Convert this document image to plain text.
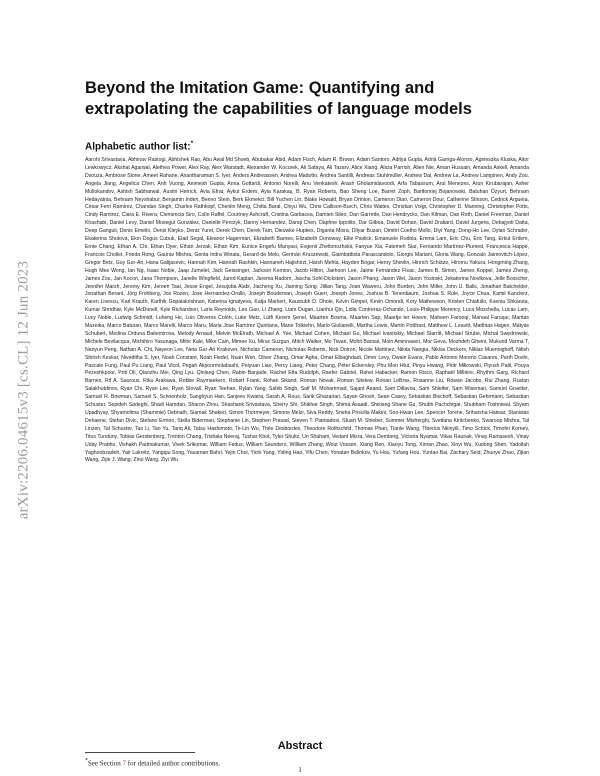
arXiv:2206.04615v3 [cs.CL] 12 Jun 2023
Beyond the Imitation Game: Quantifying and extrapolating the capabilities of language models

Alphabetic author list:*

Aarohi Srivastava, Abhinav Rastogi, Abhishek Rao, Abu Awal Md Shoeb, Abubakar Abid, Adam Fisch, Adam R. Brown, Adam Santoro, Aditya Gupta, Adrià Garriga-Alonso, Agnieszka Kluska, Aitor Lewkowycz, Akshat Agarwal, Alethea Power, Alex Ray, Alex Warstadt, Alexander W. Kocurek, Ali Safaya, Ali Tazarv, Alice Xiang, Alicia Parrish, Allen Nie, Aman Hussain, Amanda Askell, Amanda Dsouza, Ambrose Slone, Ameet Rahane, Anantharaman S. Iyer, Anders Andreassen, Andrea Madotto, Andrea Santilli, Andreas Stuhlmüller, Andrew Dai, Andrew La, Andrew Lampinen, Andy Zou, Angela Jiang, Angelica Chen, Anh Vuong, Animesh Gupta, Anna Gottardi, Antonio Norelli, Anu Venkatesh, Arash Gholamidavoodi, Arfa Tabassum, Arul Menezes, Arun Kirubarajan, Asher Mullokandov, Ashish Sabharwal, Austin Herrick, Avia Efrat, Aykut Erdem, Ayla Karakaş, B. Ryan Roberts, Bao Sheng Loe, Barret Zoph, Bartłomiej Bojanowski, Batuhan Özyurt, Behnam Hedayatnia, Behnam Neyshabur, Benjamin Inden, Benno Stein, Berk Ekmekci, Bill Yuchen Lin, Blake Howald, Bryan Orinion, Cameron Diao, Cameron Dour, Catherine Stinson, Cedrick Argueta, César Ferri Ramírez, Chandan Singh, Charles Rathkopf, Chenlin Meng, Chitta Baral, Chiyu Wu, Chris Callison-Burch, Chris Waites, Christian Voigt, Christopher D. Manning, Christopher Potts, Cindy Ramirez, Clara E. Rivera, Clemencia Siro, Colin Raffel, Courtney Ashcraft, Cristina Garbacea, Damien Sileo, Dan Garrette, Dan Hendrycks, Dan Kilman, Dan Roth, Daniel Freeman, Daniel Khashabi, Daniel Levy, Daniel Moseguí González, Danielle Perszyk, Danny Hernandez, Danqi Chen, Daphne Ippolito, Dar Gilboa, David Dohan, David Drakard, David Jurgens, Debajyoti Datta, Deep Ganguli, Denis Emelin, Denis Kleyko, Deniz Yuret, Derek Chen, Derek Tam, Dieuwke Hupkes, Diganta Misra, Dilyar Buzan, Dimitri Coelho Mollo, Diyi Yang, Dong-Ho Lee, Dylan Schrader, Ekaterina Shutova, Ekin Dogus Cubuk, Elad Segal, Eleanor Hagerman, Elizabeth Barnes, Elizabeth Donoway, Ellie Pavlick, Emanuele Rodola, Emma Lam, Eric Chu, Eric Tang, Erkut Erdem, Ernie Chang, Ethan A. Chi, Ethan Dyer, Ethan Jerzak, Ethan Kim, Eunice Engefu Manyasi, Evgenii Zheltonozhskii, Fanyue Xia, Fatemeh Siar, Fernando Martínez-Plumed, Francesca Happé, Francois Chollet, Frieda Rong, Gaurav Mishra, Genta Indra Winata, Gerard de Melo, Germán Kruszewski, Giambattista Parascandolo, Giorgio Mariani, Gloria Wang, Gonzalo Jaimovitch-López, Gregor Betz, Guy Gur-Ari, Hana Galijasevic, Hannah Kim, Hannah Rashkin, Hannaneh Hajishirzi, Harsh Mehta, Hayden Bogar, Henry Shevlin, Hinrich Schütze, Hiromu Yakura, Hongming Zhang, Hugh Mee Wong, Ian Ng, Isaac Noble, Jaap Jumelet, Jack Geissinger, Jackson Kernion, Jacob Hilton, Jaehoon Lee, Jaime Fernández Fisac, James B. Simon, James Koppel, James Zheng, James Zou, Jan Kocoń, Jana Thompson, Janelle Wingfield, Jared Kaplan, Jarema Radom, Jascha Sohl-Dickstein, Jason Phang, Jason Wei, Jason Yosinski, Jekaterina Novikova, Jelle Bosscher, Jennifer Marsh, Jeremy Kim, Jeroen Taal, Jesse Engel, Jesujoba Alabi, Jiacheng Xu, Jiaming Song, Jillian Tang, Joan Waweru, John Burden, John Miller, John U. Balis, Jonathan Batchelder, Jonathan Berant, Jörg Frohberg, Jos Rozen, Jose Hernandez-Orallo, Joseph Boudeman, Joseph Guerr, Joseph Jones, Joshua B. Tenenbaum, Joshua S. Rule, Joyce Chua, Kamil Kanclerz, Karen Livescu, Karl Krauth, Karthik Gopalakrishnan, Katerina Ignatyeva, Katja Markert, Kaustubh D. Dhole, Kevin Gimpel, Kevin Omondi, Kory Mathewson, Kristen Chiafullo, Ksenia Shkaruta, Kumar Shridhar, Kyle McDonell, Kyle Richardson, Laria Reynolds, Leo Gao, Li Zhang, Liam Dugan, Lianhui Qin, Lidia Contreras-Ochando, Louis-Philippe Morency, Luca Moschella, Lucas Lam, Lucy Noble, Ludwig Schmidt, Luheng He, Luis Oliveros Colón, Luke Metz, Lütfi Kerem Şenel, Maarten Bosma, Maarten Sap, Maartje ter Hoeve, Maheen Farooqi, Manaal Faruqui, Mantas Mazeika, Marco Baturan, Marco Marelli, Marco Maru, Maria Jose Ramírez Quintana, Marie Tolkiehn, Mario Giulianelli, Martha Lewis, Martin Potthast, Matthew L. Leavitt, Matthias Hagen, Mátyás Schubert, Medina Orduna Baitemirova, Melody Arnaud, Melvin McElrath, Michael A. Yee, Michael Cohen, Michael Gu, Michael Ivanitskiy, Michael Starritt, Michael Strube, Michał Swędrowski, Michele Bevilacqua, Michihiro Yasunaga, Mihir Kale, Mike Cain, Mimee Xu, Mirac Suzgun, Mitch Walker, Mo Tiwari, Mohit Bansal, Moin Aminnaseri, Mor Geva, Mozhdeh Gheini, Mukund Varma T, Nanyun Peng, Nathan A. Chi, Nayeon Lee, Neta Gur-Ari Krakover, Nicholas Cameron, Nicholas Roberts, Nick Doiron, Nicole Martinez, Nikita Nangia, Niklas Deckers, Niklas Muennighoff, Nitish Shirish Keskar, Niveditha S. Iyer, Noah Constant, Noah Fiedel, Nuan Wen, Oliver Zhang, Omar Agha, Omar Elbaghdadi, Omer Levy, Owain Evans, Pablo Antonio Moreno Casares, Parth Doshi, Pascale Fung, Paul Pu Liang, Paul Vicol, Pegah Alipoormolabashi, Peiyuan Liao, Percy Liang, Peter Chang, Peter Eckersley, Phu Mon Htut, Pinyu Hwang, Piotr Miłkowski, Piyush Patil, Pouya Pezeshkpour, Priti Oli, Qiaozhu Mei, Qing Lyu, Qinlang Chen, Rabin Banjade, Rachel Etta Rudolph, Raefer Gabriel, Rahel Habacker, Ramon Risco, Raphaël Millière, Rhythm Garg, Richard Barnes, Rif A. Saurous, Riku Arakawa, Robbe Raymaekers, Robert Frank, Rohan Sikand, Roman Novak, Roman Sitelew, Ronan LeBras, Rosanne Liu, Rowan Jacobs, Rui Zhang, Ruslan Salakhutdinov, Ryan Chi, Ryan Lee, Ryan Stovall, Ryan Teehan, Rylan Yang, Sahib Singh, Saif M. Mohammad, Sajant Anand, Sam Dillavou, Sam Shleifer, Sam Wiseman, Samuel Gruetter, Samuel R. Bowman, Samuel S. Schoenholz, Sanghyun Han, Sanjeev Kwatra, Sarah A. Rous, Sarik Ghazarian, Sayan Ghosh, Sean Casey, Sebastian Bischoff, Sebastian Gehrmann, Sebastian Schuster, Sepideh Sadeghi, Shadi Hamdan, Sharon Zhou, Shashank Srivastava, Sherry Shi, Shikhar Singh, Shima Asaadi, Shixiang Shane Gu, Shubh Pachchigar, Shubham Toshniwal, Shyam Upadhyay, Shyamolima (Shammie) Debnath, Siamak Shakeri, Simon Thormeyer, Simone Melzi, Siva Reddy, Sneha Priscilla Makini, Soo-Hwan Lee, Spencer Torene, Sriharsha Hatwar, Stanislas Dehaene, Stefan Divic, Stefano Ermon, Stella Biderman, Stephanie Lin, Stephen Prasad, Steven T. Piantadosi, Stuart M. Shieber, Summer Misherghi, Svetlana Kiritchenko, Swaroop Mishra, Tal Linzen, Tal Schuster, Tao Li, Tao Yu, Tariq Ali, Tatsu Hashimoto, Te-Lin Wu, Théo Desbordes, Theodore Rothschild, Thomas Phan, Tianle Wang, Tiberius Nkinyili, Timo Schick, Timofei Kornev, Titus Tunduny, Tobias Gerstenberg, Trenton Chang, Trishala Neeraj, Tushar Khot, Tyler Shultz, Uri Shaham, Vedant Misra, Vera Demberg, Victoria Nyamai, Vikas Raunak, Vinay Ramasesh, Vinay Uday Prabhu, Vishakh Padmakumar, Vivek Srikumar, William Fedus, William Saunders, William Zhang, Wout Vossen, Xiang Ren, Xiaoyu Tong, Xinran Zhao, Xinyi Wu, Xudong Shen, Yadollah Yaghoobzadeh, Yair Lakretz, Yangqiu Song, Yasaman Bahri, Yejin Choi, Yichi Yang, Yiding Hao, Yifu Chen, Yonatan Belinkov, Yu Hou, Yufang Hou, Yuntao Bai, Zachary Seid, Zhuoye Zhao, Zijian Wang, Zijie J. Wang, Zirui Wang, Ziyi Wu

Abstract
*See Section 7 for detailed author contributions.
1
